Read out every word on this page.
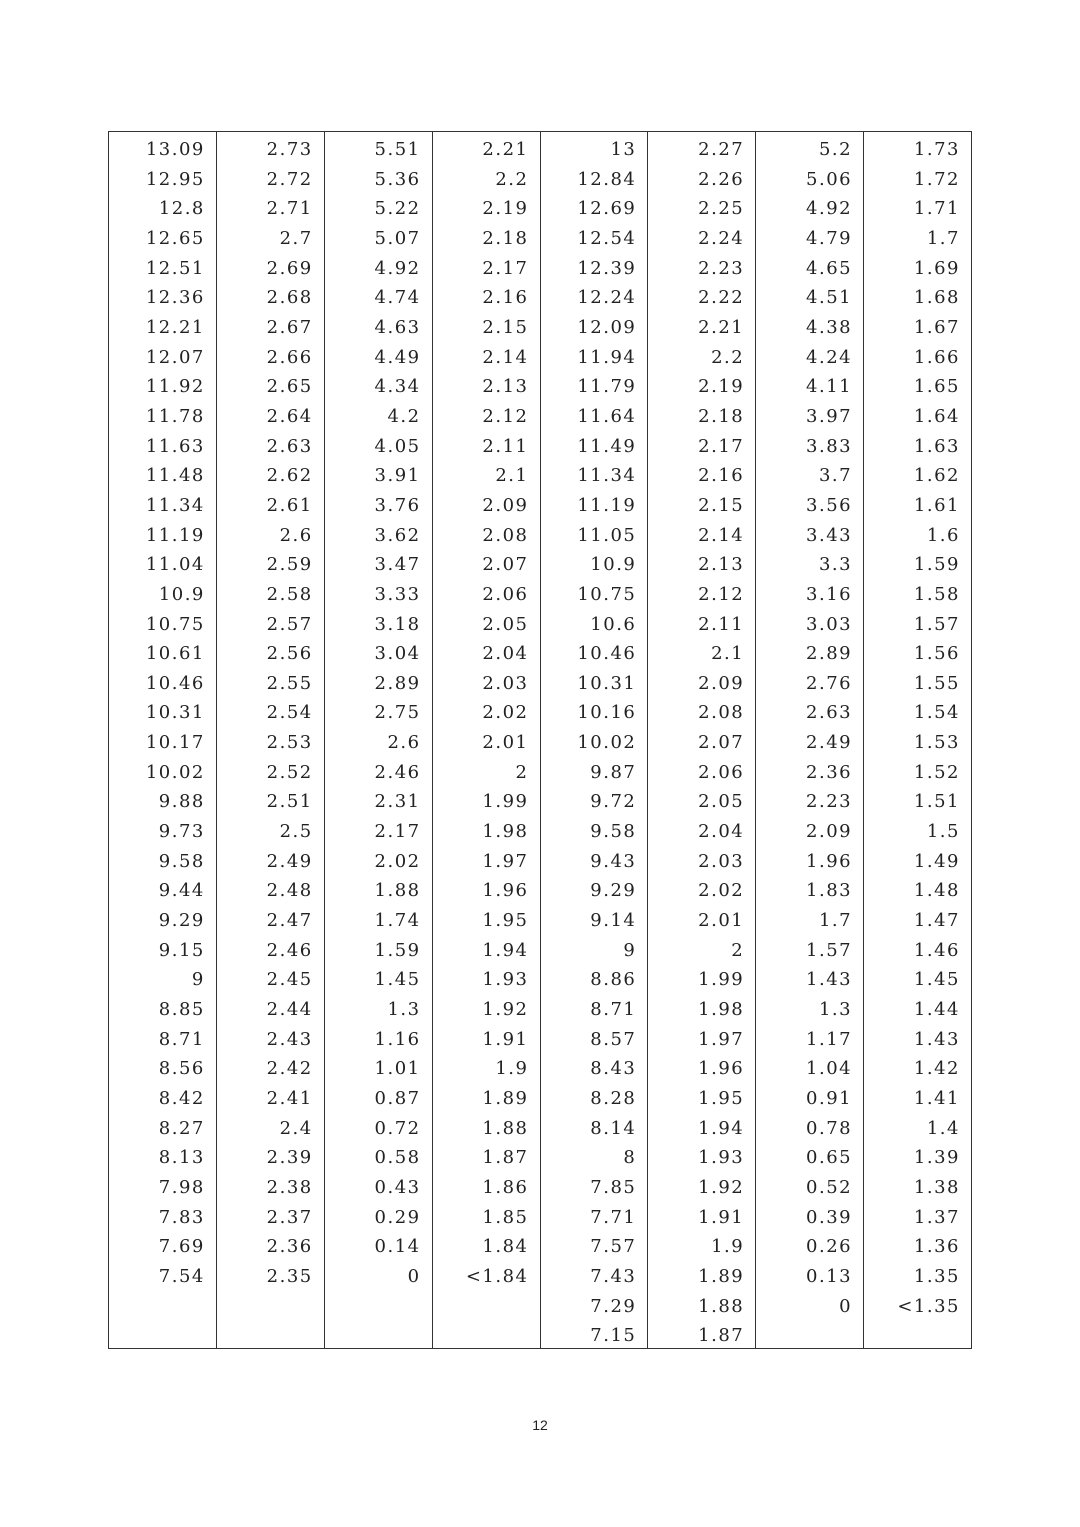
13.09
12.95
12.8
12.65
12.51
12.36
12.21
12.07
11.92
11.78
11.63
11.48
11.34
11.19
11.04
10.9
10.75
10.61
10.46
10.31
10.17
10.02
9.88
9.73
9.58
9.44
9.29
9.15
9
8.85
8.71
8.56
8.42
8.27
8.13
7.98
7.83
7.69
7.54
2.73
2.72
2.71
2.7
2.69
2.68
2.67
2.66
2.65
2.64
2.63
2.62
2.61
2.6
2.59
2.58
2.57
2.56
2.55
2.54
2.53
2.52
2.51
2.5
2.49
2.48
2.47
2.46
2.45
2.44
2.43
2.42
2.41
2.4
2.39
2.38
2.37
2.36
2.35
5.51
5.36
5.22
5.07
4.92
4.74
4.63
4.49
4.34
4.2
4.05
3.91
3.76
3.62
3.47
3.33
3.18
3.04
2.89
2.75
2.6
2.46
2.31
2.17
2.02
1.88
1.74
1.59
1.45
1.3
1.16
1.01
0.87
0.72
0.58
0.43
0.29
0.14
0
2.21
2.2
2.19
2.18
2.17
2.16
2.15
2.14
2.13
2.12
2.11
2.1
2.09
2.08
2.07
2.06
2.05
2.04
2.03
2.02
2.01
2
1.99
1.98
1.97
1.96
1.95
1.94
1.93
1.92
1.91
1.9
1.89
1.88
1.87
1.86
1.85
1.84
<1.84
13
12.84
12.69
12.54
12.39
12.24
12.09
11.94
11.79
11.64
11.49
11.34
11.19
11.05
10.9
10.75
10.6
10.46
10.31
10.16
10.02
9.87
9.72
9.58
9.43
9.29
9.14
9
8.86
8.71
8.57
8.43
8.28
8.14
8
7.85
7.71
7.57
7.43
7.29
7.15
2.27
2.26
2.25
2.24
2.23
2.22
2.21
2.2
2.19
2.18
2.17
2.16
2.15
2.14
2.13
2.12
2.11
2.1
2.09
2.08
2.07
2.06
2.05
2.04
2.03
2.02
2.01
2
1.99
1.98
1.97
1.96
1.95
1.94
1.93
1.92
1.91
1.9
1.89
1.88
1.87
5.2
5.06
4.92
4.79
4.65
4.51
4.38
4.24
4.11
3.97
3.83
3.7
3.56
3.43
3.3
3.16
3.03
2.89
2.76
2.63
2.49
2.36
2.23
2.09
1.96
1.83
1.7
1.57
1.43
1.3
1.17
1.04
0.91
0.78
0.65
0.52
0.39
0.26
0.13
0
1.73
1.72
1.71
1.7
1.69
1.68
1.67
1.66
1.65
1.64
1.63
1.62
1.61
1.6
1.59
1.58
1.57
1.56
1.55
1.54
1.53
1.52
1.51
1.5
1.49
1.48
1.47
1.46
1.45
1.44
1.43
1.42
1.41
1.4
1.39
1.38
1.37
1.36
1.35
<1.35
12
